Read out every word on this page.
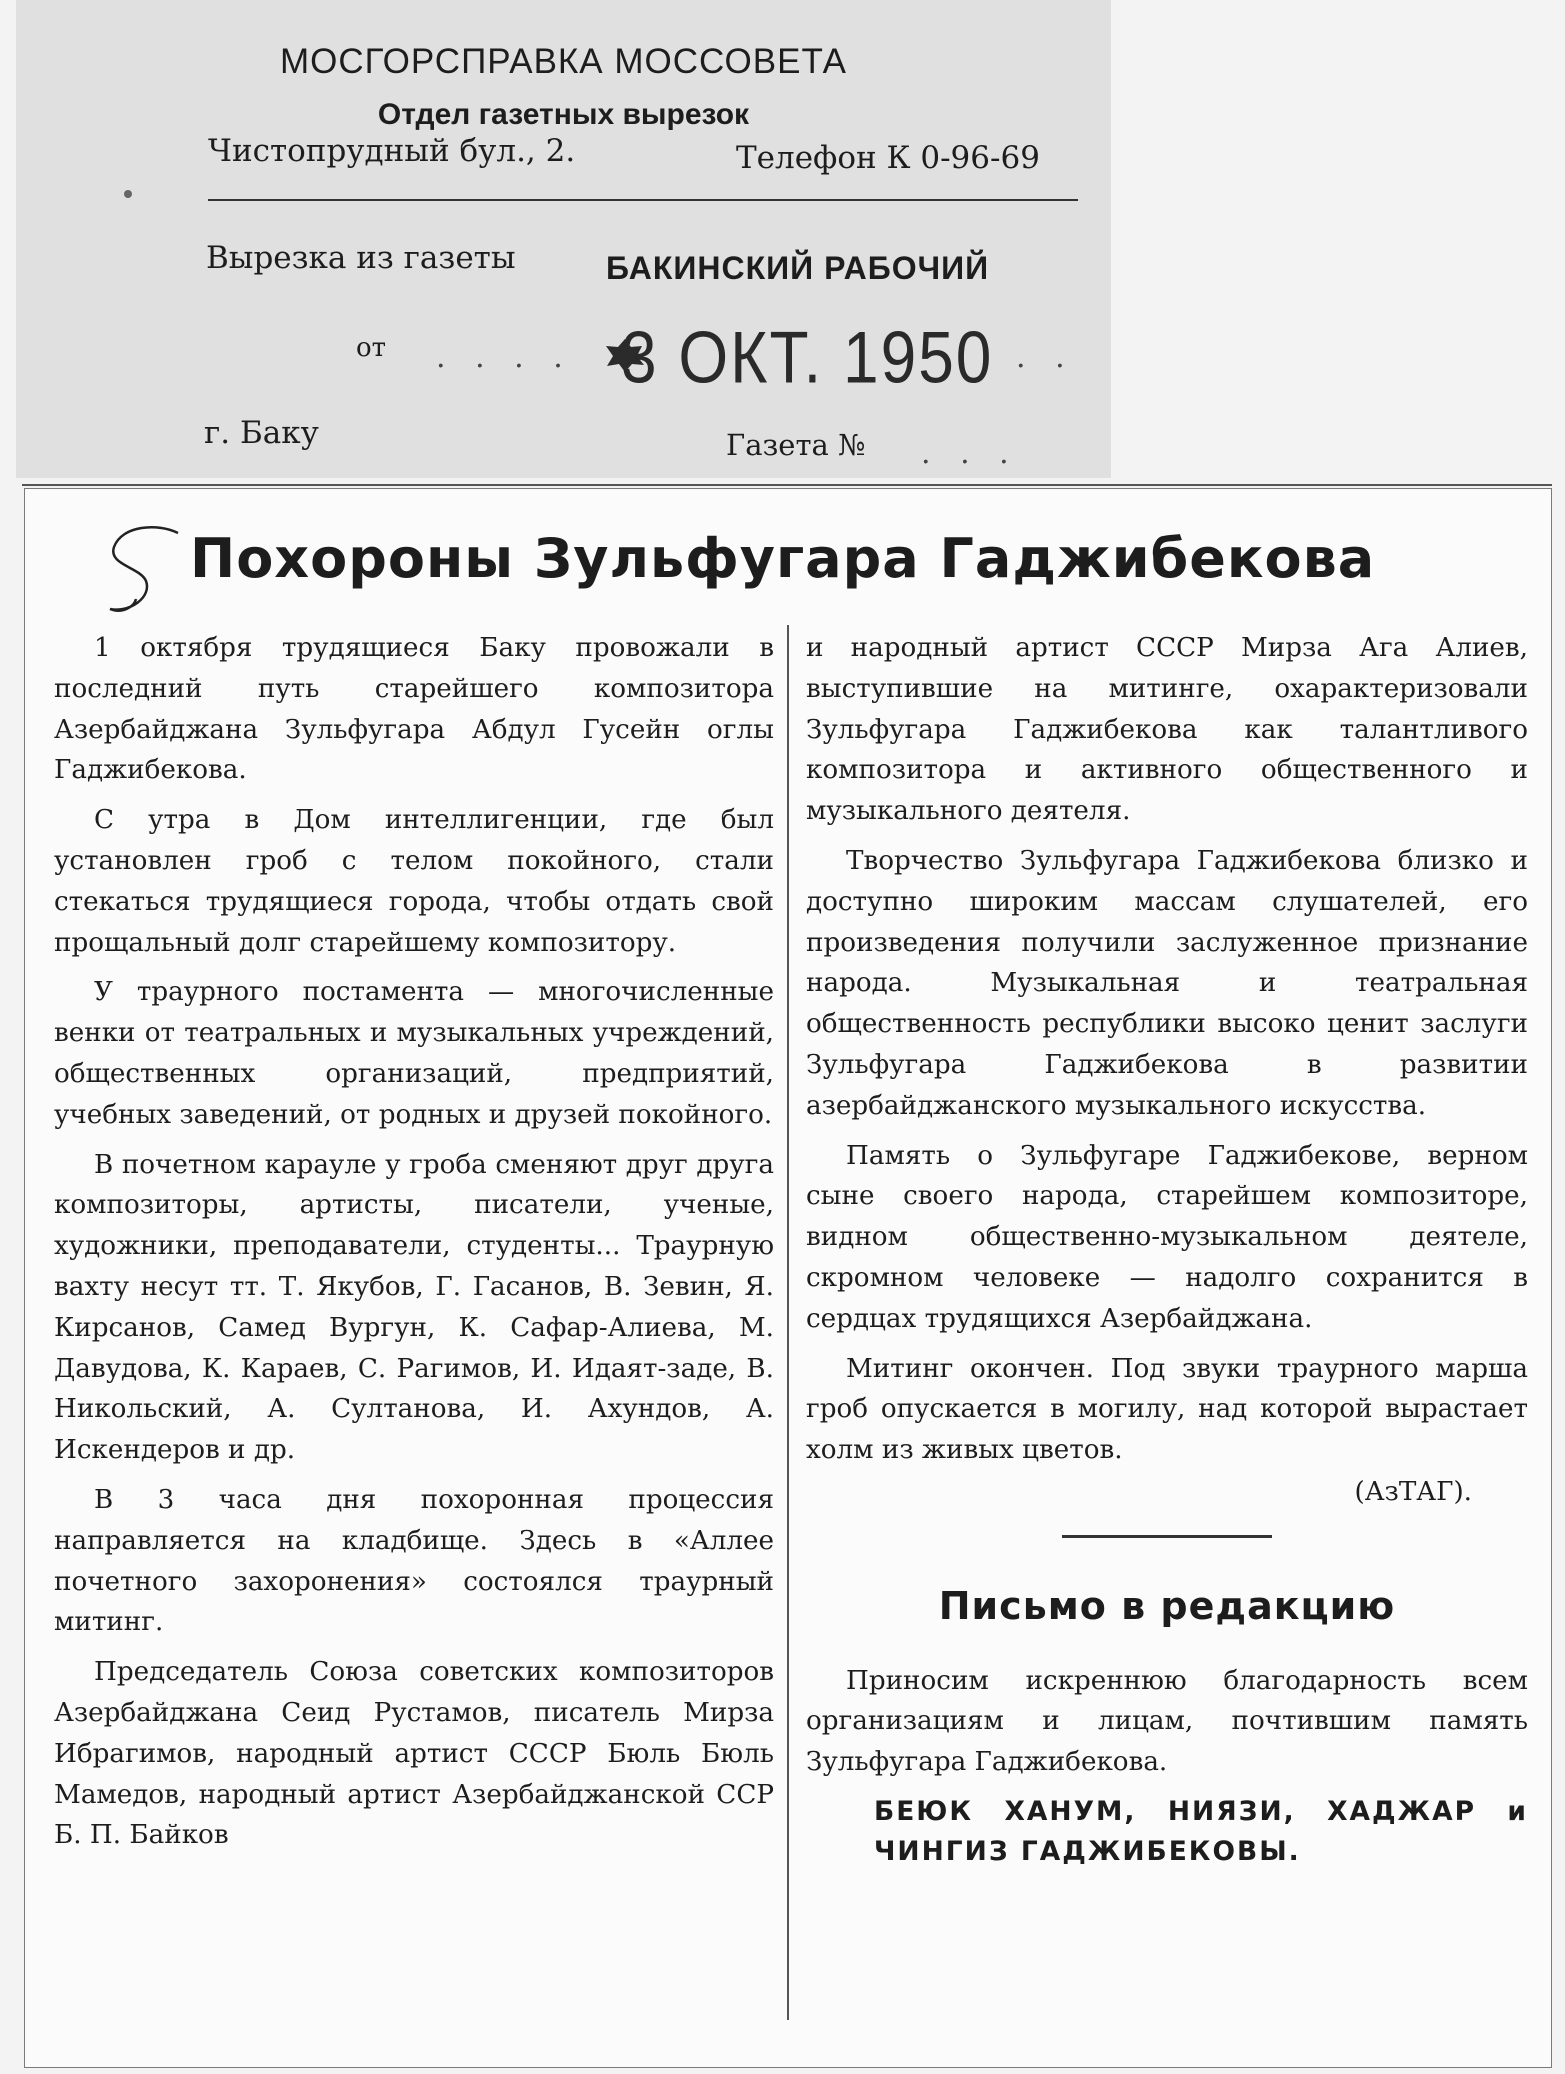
МОСГОРСПРАВКА МОССОВЕТА
Отдел газетных вырезок
Чистопрудный бул., 2.	Телефон К 0-96-69
Вырезка из газеты	БАКИНСКИЙ РАБОЧИЙ
от . . . . 3 ОКТ. 1950 . .
г. Баку	Газета № . . .
Похороны Зульфугара Гаджибекова

1 октября трудящиеся Баку провожали в последний путь старейшего композитора Азербайджана Зульфугара Абдул Гусейн оглы Гаджибекова.

С утра в Дом интеллигенции, где был установлен гроб с телом покойного, стали стекаться трудящиеся города, чтобы отдать свой прощальный долг старейшему композитору.

У траурного постамента — многочисленные венки от театральных и музыкальных учреждений, общественных организаций, предприятий, учебных заведений, от родных и друзей покойного.

В почетном карауле у гроба сменяют друг друга композиторы, артисты, писатели, ученые, художники, преподаватели, студенты... Траурную вахту несут тт. Т. Якубов, Г. Гасанов, В. Зевин, Я. Кирсанов, Самед Вургун, К. Сафар-Алиева, М. Давудова, К. Караев, С. Рагимов, И. Идаят-заде, В. Никольский, А. Султанова, И. Ахундов, А. Искендеров и др.

В 3 часа дня похоронная процессия направляется на кладбище. Здесь в «Аллее почетного захоронения» состоялся траурный митинг.

Председатель Союза советских композиторов Азербайджана Сеид Рустамов, писатель Мирза Ибрагимов, народный артист СССР Бюль Бюль Мамедов, народный артист Азербайджанской ССР Б. П. Байков

и народный артист СССР Мирза Ага Алиев, выступившие на митинге, охарактеризовали Зульфугара Гаджибекова как талантливого композитора и активного общественного и музыкального деятеля.

Творчество Зульфугара Гаджибекова близко и доступно широким массам слушателей, его произведения получили заслуженное признание народа. Музыкальная и театральная общественность республики высоко ценит заслуги Зульфугара Гаджибекова в развитии азербайджанского музыкального искусства.

Память о Зульфугаре Гаджибекове, верном сыне своего народа, старейшем композиторе, видном общественно-музыкальном деятеле, скромном человеке — надолго сохранится в сердцах трудящихся Азербайджана.

Митинг окончен. Под звуки траурного марша гроб опускается в могилу, над которой вырастает холм из живых цветов.

(АзТАГ).
Письмо в редакцию

Приносим искреннюю благодарность всем организациям и лицам, почтившим память Зульфугара Гаджибекова.

БЕЮК ХАНУМ, НИЯЗИ, ХАДЖАР и ЧИНГИЗ ГАДЖИБЕКОВЫ.
